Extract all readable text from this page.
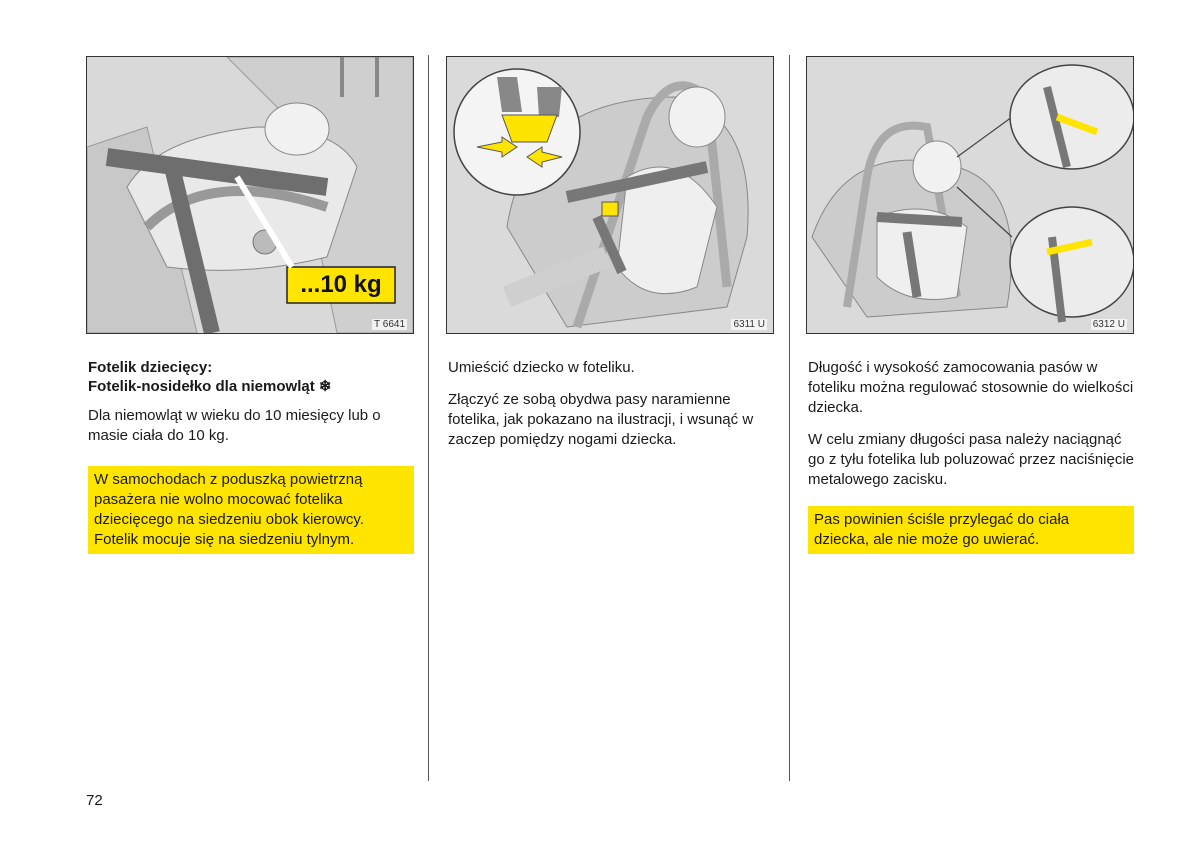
...10 kg
T 6641	6311 U	6312 U
Fotelik dziecięcy:
Fotelik-nosidełko dla niemowląt ❄

Dla niemowląt w wieku do 10 miesięcy lub o masie ciała do 10 kg.

W samochodach z poduszką powietrzną pasażera nie wolno mocować fotelika dziecięcego na siedzeniu obok kierowcy. Fotelik mocuje się na siedzeniu tylnym.

Umieścić dziecko w foteliku.

Złączyć ze sobą obydwa pasy naramienne fotelika, jak pokazano na ilustracji, i wsunąć w zaczep pomiędzy nogami dziecka.

Długość i wysokość zamocowania pasów w foteliku można regulować stosownie do wielkości dziecka.

W celu zmiany długości pasa należy naciągnąć go z tyłu fotelika lub poluzować przez naciśnięcie metalowego zacisku.

Pas powinien ściśle przylegać do ciała dziecka, ale nie może go uwierać.
72
